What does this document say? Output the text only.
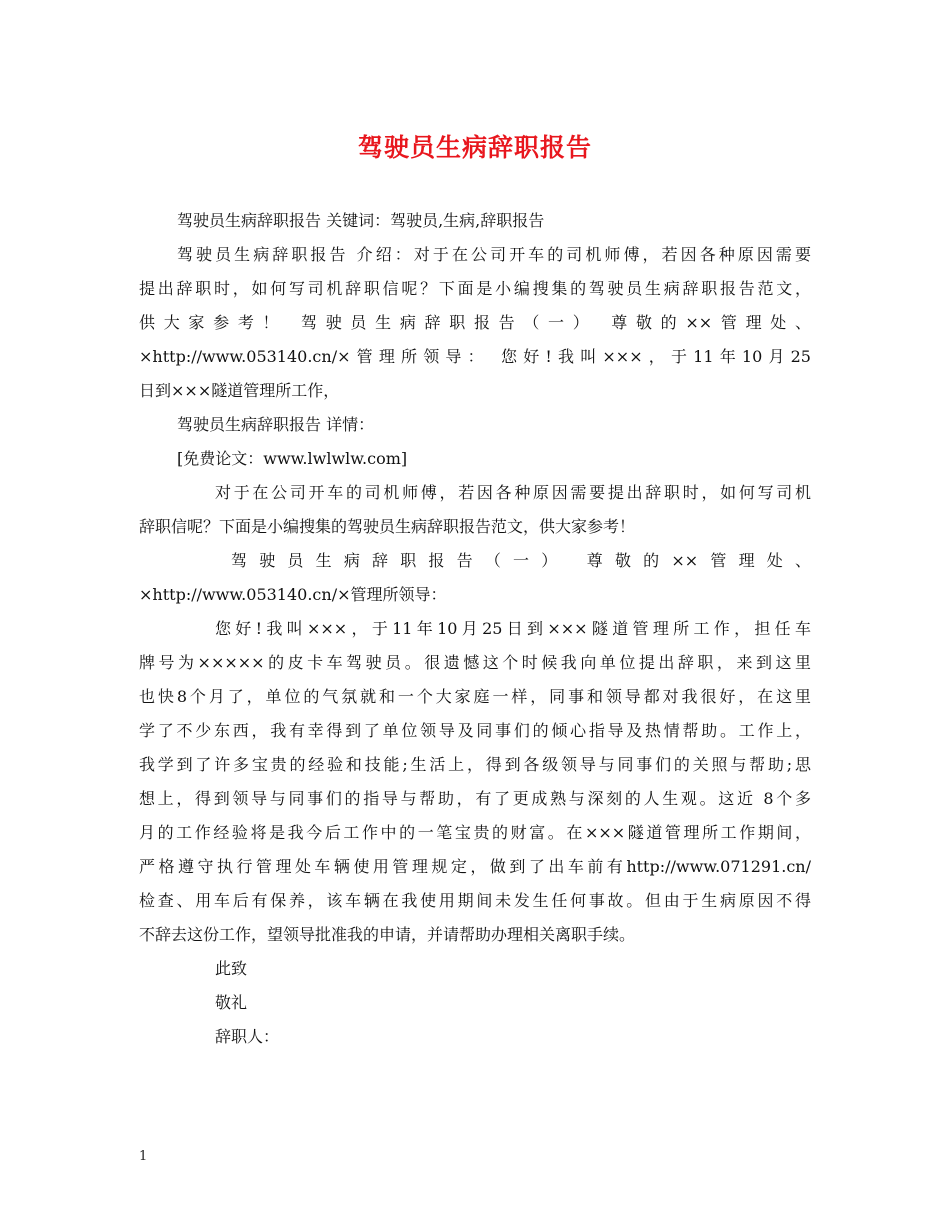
驾驶员生病辞职报告
驾驶员生病辞职报告 关键词：驾驶员,生病,辞职报告
驾驶员生病辞职报告 介绍：对于在公司开车的司机师傅，若因各种原因需要
提出辞职时，如何写司机辞职信呢？下面是小编搜集的驾驶员生病辞职报告范文，
供大家参考！ 驾驶员生病辞职报告（一） 尊敬的××管理处、
×http://www.053140.cn/×管理所领导： 您好!我叫×××，于11年10月25
日到×××隧道管理所工作，
驾驶员生病辞职报告 详情：
[免费论文：www.lwlwlw.com]
对于在公司开车的司机师傅，若因各种原因需要提出辞职时，如何写司机
辞职信呢？下面是小编搜集的驾驶员生病辞职报告范文，供大家参考！
驾驶员生病辞职报告（一） 尊敬的××管理处、
×http://www.053140.cn/×管理所领导：
您好!我叫×××，于11年10月25日到×××隧道管理所工作，担任车
牌号为×××××的皮卡车驾驶员。很遗憾这个时候我向单位提出辞职，来到这里
也快8个月了，单位的气氛就和一个大家庭一样，同事和领导都对我很好，在这里
学了不少东西，我有幸得到了单位领导及同事们的倾心指导及热情帮助。工作上，
我学到了许多宝贵的经验和技能;生活上，得到各级领导与同事们的关照与帮助;思
想上，得到领导与同事们的指导与帮助，有了更成熟与深刻的人生观。这近 8个多
月的工作经验将是我今后工作中的一笔宝贵的财富。在×××隧道管理所工作期间，
严格遵守执行管理处车辆使用管理规定，做到了出车前有http://www.071291.cn/
检查、用车后有保养，该车辆在我使用期间未发生任何事故。但由于生病原因不得
不辞去这份工作，望领导批准我的申请，并请帮助办理相关离职手续。
此致
敬礼
辞职人：
1
